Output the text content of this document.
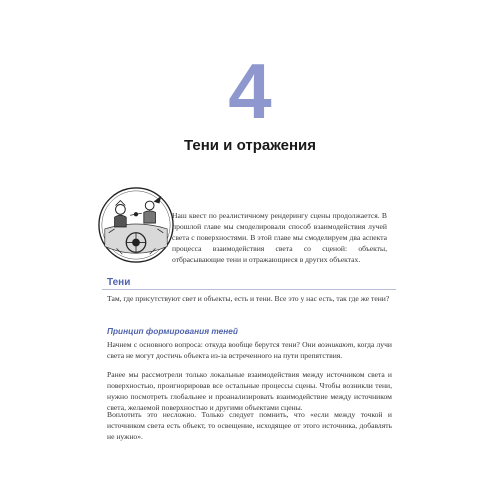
4
Тени и отражения
Наш квест по реалистичному рендерингу сцены продолжается. В прошлой главе мы смоделировали способ взаимодействия лучей света с поверхностями. В этой главе мы смоделируем два аспекта процесса взаимодействия света со сценой: объекты, отбрасывающие тени и отражающиеся в других объектах.
Тени
Там, где присутствуют свет и объекты, есть и тени. Все это у нас есть, так где же тени?
Принцип формирования теней
Начнем с основного вопроса: откуда вообще берутся тени? Они возникают, когда лучи света не могут достичь объекта из-за встреченного на пути препятствия.
Ранее мы рассмотрели только локальные взаимодействия между источником света и поверхностью, проигнорировав все остальные процессы сцены. Чтобы возникли тени, нужно посмотреть глобальнее и проанализировать взаимодействие между источником света, желаемой поверхностью и другими объектами сцены.
Воплотить это несложно. Только следует помнить, что «если между точкой и источником света есть объект, то освещение, исходящее от этого источника, добавлять не нужно».
